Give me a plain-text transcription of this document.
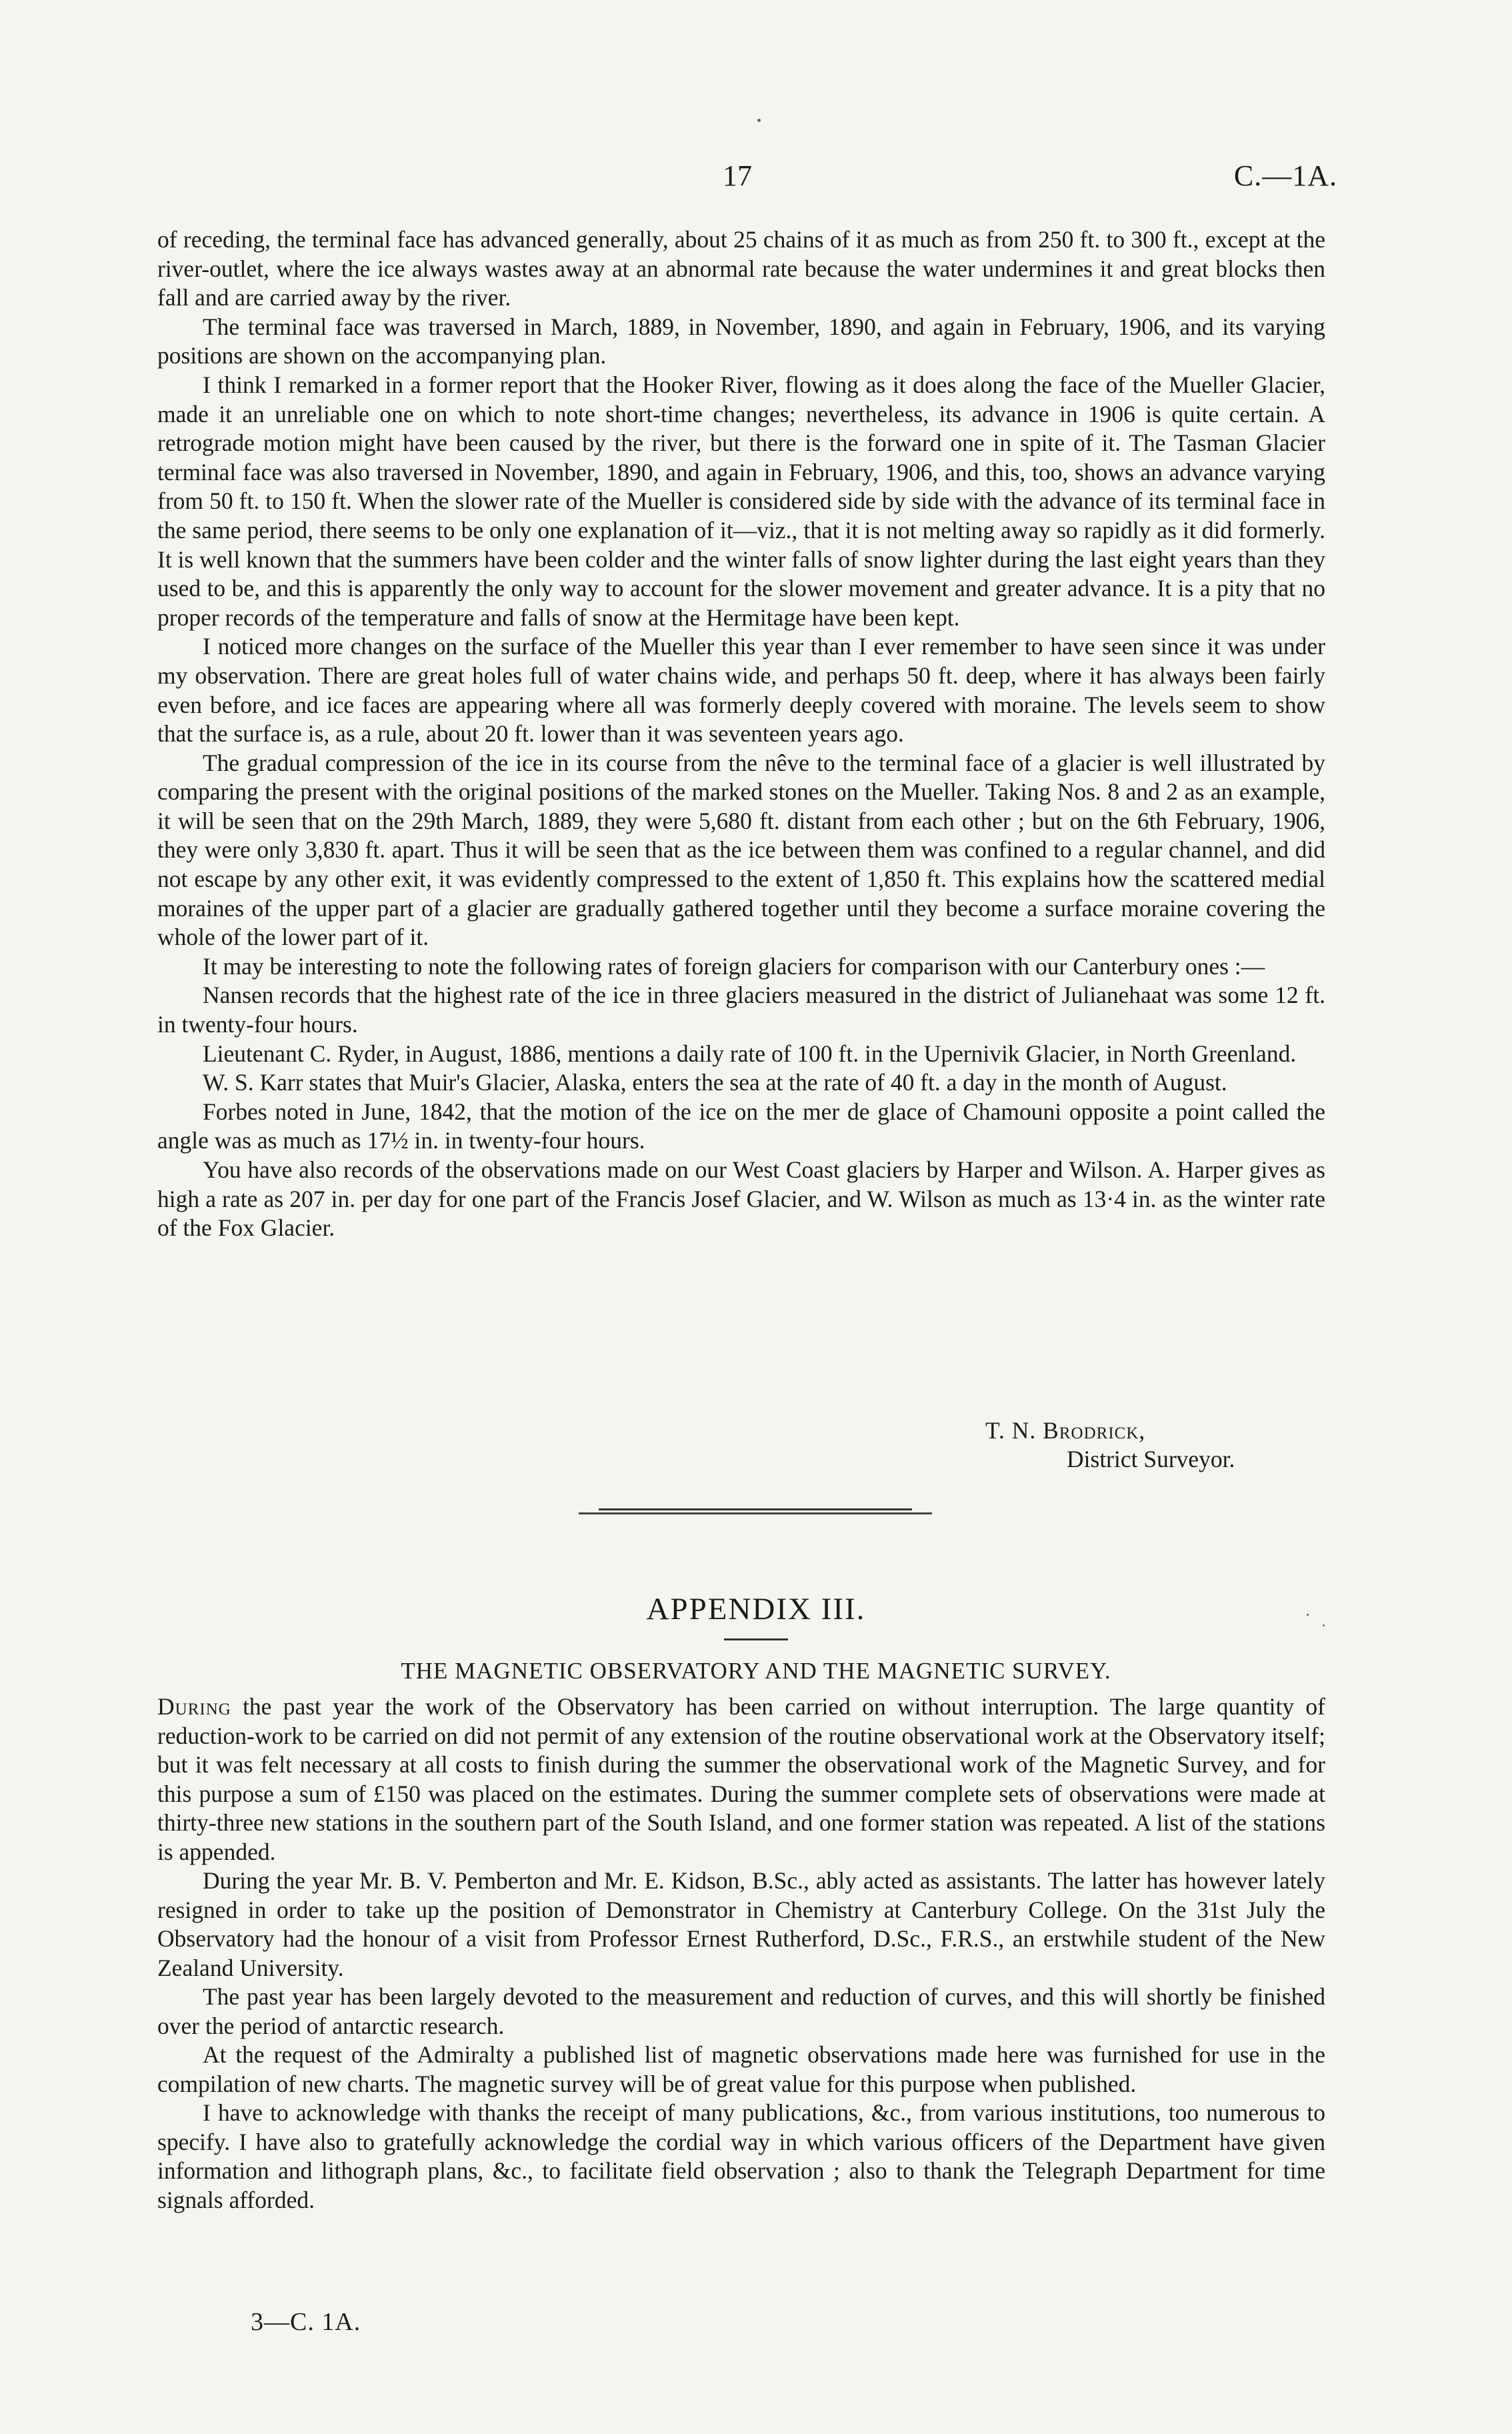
17	C.—1A.

of receding, the terminal face has advanced generally, about 25 chains of it as much as from 250 ft. to 300 ft., except at the river-outlet, where the ice always wastes away at an abnormal rate because the water undermines it and great blocks then fall and are carried away by the river.

The terminal face was traversed in March, 1889, in November, 1890, and again in February, 1906, and its varying positions are shown on the accompanying plan.

I think I remarked in a former report that the Hooker River, flowing as it does along the face of the Mueller Glacier, made it an unreliable one on which to note short-time changes; nevertheless, its advance in 1906 is quite certain. A retrograde motion might have been caused by the river, but there is the forward one in spite of it. The Tasman Glacier terminal face was also traversed in November, 1890, and again in February, 1906, and this, too, shows an advance varying from 50 ft. to 150 ft. When the slower rate of the Mueller is considered side by side with the advance of its terminal face in the same period, there seems to be only one explanation of it—viz., that it is not melting away so rapidly as it did formerly. It is well known that the summers have been colder and the winter falls of snow lighter during the last eight years than they used to be, and this is apparently the only way to account for the slower movement and greater advance. It is a pity that no proper records of the temperature and falls of snow at the Hermitage have been kept.

I noticed more changes on the surface of the Mueller this year than I ever remember to have seen since it was under my observation. There are great holes full of water chains wide, and perhaps 50 ft. deep, where it has always been fairly even before, and ice faces are appearing where all was formerly deeply covered with moraine. The levels seem to show that the surface is, as a rule, about 20 ft. lower than it was seventeen years ago.

The gradual compression of the ice in its course from the nêve to the terminal face of a glacier is well illustrated by comparing the present with the original positions of the marked stones on the Mueller. Taking Nos. 8 and 2 as an example, it will be seen that on the 29th March, 1889, they were 5,680 ft. distant from each other ; but on the 6th February, 1906, they were only 3,830 ft. apart. Thus it will be seen that as the ice between them was confined to a regular channel, and did not escape by any other exit, it was evidently compressed to the extent of 1,850 ft. This explains how the scattered medial moraines of the upper part of a glacier are gradually gathered together until they become a surface moraine covering the whole of the lower part of it.

It may be interesting to note the following rates of foreign glaciers for comparison with our Canterbury ones :—

Nansen records that the highest rate of the ice in three glaciers measured in the district of Julianehaat was some 12 ft. in twenty-four hours.

Lieutenant C. Ryder, in August, 1886, mentions a daily rate of 100 ft. in the Upernivik Glacier, in North Greenland.

W. S. Karr states that Muir's Glacier, Alaska, enters the sea at the rate of 40 ft. a day in the month of August.

Forbes noted in June, 1842, that the motion of the ice on the mer de glace of Chamouni opposite a point called the angle was as much as 17½ in. in twenty-four hours.

You have also records of the observations made on our West Coast glaciers by Harper and Wilson. A. Harper gives as high a rate as 207 in. per day for one part of the Francis Josef Glacier, and W. Wilson as much as 13·4 in. as the winter rate of the Fox Glacier.

T. N. Brodrick,
District Surveyor.
APPENDIX III.
THE MAGNETIC OBSERVATORY AND THE MAGNETIC SURVEY.

During the past year the work of the Observatory has been carried on without interruption. The large quantity of reduction-work to be carried on did not permit of any extension of the routine observational work at the Observatory itself; but it was felt necessary at all costs to finish during the summer the observational work of the Magnetic Survey, and for this purpose a sum of £150 was placed on the estimates. During the summer complete sets of observations were made at thirty-three new stations in the southern part of the South Island, and one former station was repeated. A list of the stations is appended.

During the year Mr. B. V. Pemberton and Mr. E. Kidson, B.Sc., ably acted as assistants. The latter has however lately resigned in order to take up the position of Demonstrator in Chemistry at Canterbury College. On the 31st July the Observatory had the honour of a visit from Professor Ernest Rutherford, D.Sc., F.R.S., an erstwhile student of the New Zealand University.

The past year has been largely devoted to the measurement and reduction of curves, and this will shortly be finished over the period of antarctic research.

At the request of the Admiralty a published list of magnetic observations made here was furnished for use in the compilation of new charts. The magnetic survey will be of great value for this purpose when published.

I have to acknowledge with thanks the receipt of many publications, &c., from various institutions, too numerous to specify. I have also to gratefully acknowledge the cordial way in which various officers of the Department have given information and lithograph plans, &c., to facilitate field observation ; also to thank the Telegraph Department for time signals afforded.

3—C. 1A.
